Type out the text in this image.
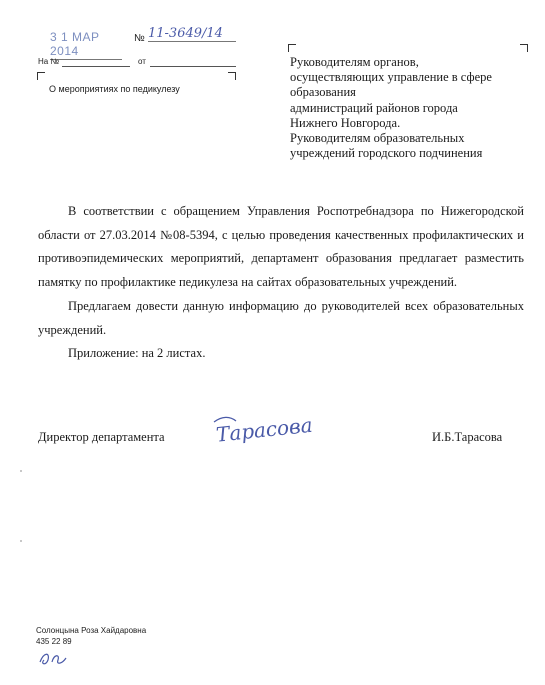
3 1 МАР 2014
№ 11-3649/14
На №	от
О мероприятиях по педикулезу
Руководителям органов,
осуществляющих управление в сфере
образования
администраций районов города
Нижнего Новгорода.
Руководителям образовательных
учреждений городского подчинения
В соответствии с обращением Управления Роспотребнадзора по Нижегородской области от 27.03.2014 №08-5394, с целью проведения качественных профилактических и противоэпидемических мероприятий, департамент образования предлагает разместить памятку по профилактике педикулеза на сайтах образовательных учреждений.
Предлагаем довести данную информацию до руководителей всех образовательных учреждений.
Приложение: на 2 листах.
Директор департамента	Тарасова	И.Б.Тарасова
Солонцына Роза Хайдаровна
435 22 89
